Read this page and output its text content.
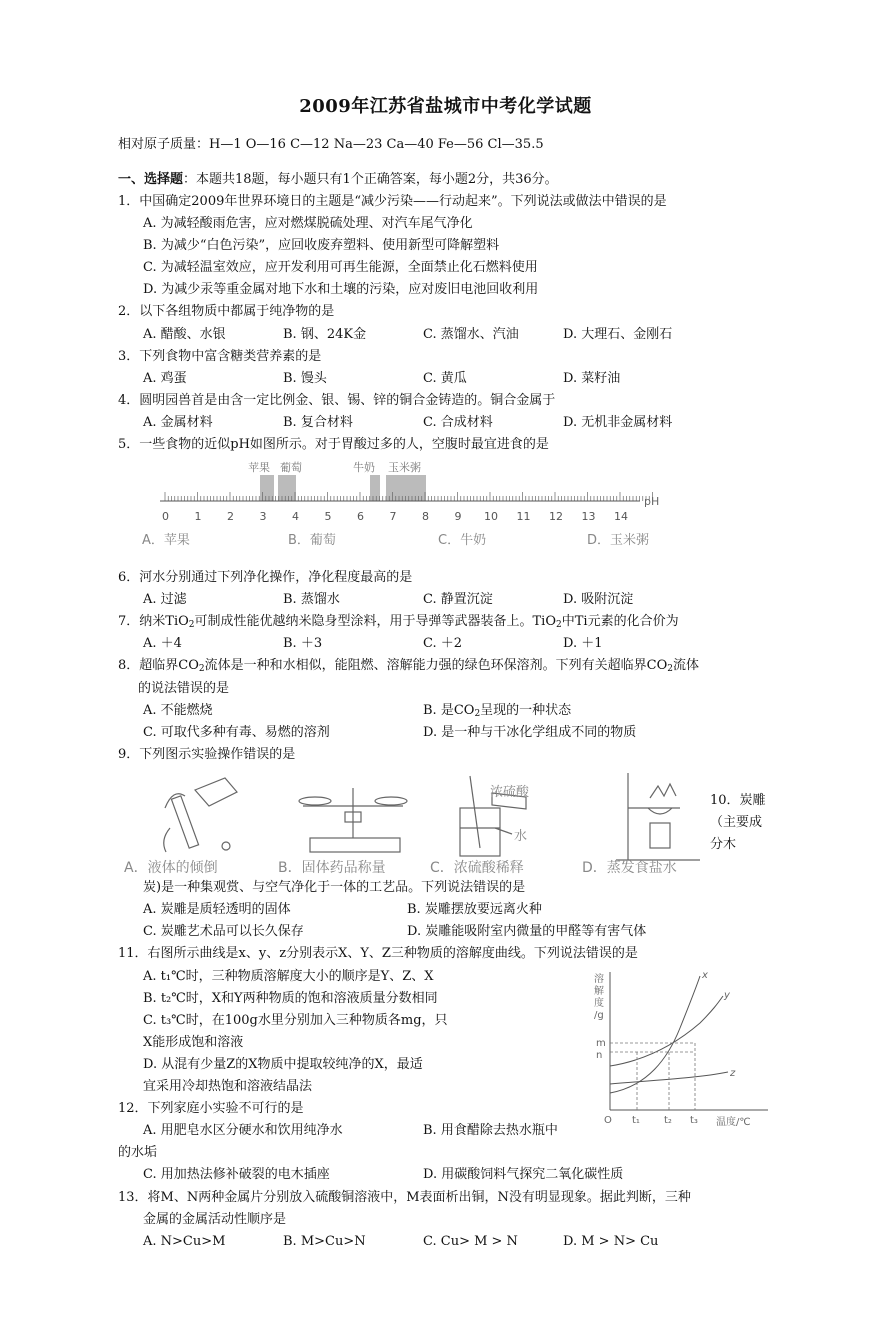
2009年江苏省盐城市中考化学试题
相对原子质量：H—1 O—16 C—12 Na—23 Ca—40 Fe—56 Cl—35.5
一、选择题：本题共18题，每小题只有1个正确答案，每小题2分，共36分。
1．中国确定2009年世界环境日的主题是“减少污染——行动起来”。下列说法或做法中错误的是
A. 为减轻酸雨危害，应对燃煤脱硫处理、对汽车尾气净化
B. 为减少“白色污染”，应回收废弃塑料、使用新型可降解塑料
C. 为减轻温室效应，应开发利用可再生能源，全面禁止化石燃料使用
D. 为减少汞等重金属对地下水和土壤的污染，应对废旧电池回收利用
2．以下各组物质中都属于纯净物的是
A. 醋酸、水银	B. 钢、24K金	C. 蒸馏水、汽油	D. 大理石、金刚石
3．下列食物中富含糖类营养素的是
A. 鸡蛋	B. 馒头	C. 黄瓜	D. 菜籽油
4．圆明园兽首是由含一定比例金、银、锡、锌的铜合金铸造的。铜合金属于
A. 金属材料	B. 复合材料	C. 合成材料	D. 无机非金属材料
5．一些食物的近似pH如图所示。对于胃酸过多的人，空腹时最宜进食的是
苹果 葡萄	牛奶 玉米粥
0 1 2 3 4 5 6 7 8 9 10 11 12 13 14
pH
A．苹果	B．葡萄	C．牛奶	D．玉米粥
6．河水分别通过下列净化操作，净化程度最高的是
A. 过滤	B. 蒸馏水	C. 静置沉淀	D. 吸附沉淀
7．纳米TiO$_2$可制成性能优越纳米隐身型涂料，用于导弹等武器装备上。TiO$_2$中Ti元素的化合价为
A. ＋4	B. ＋3	C. ＋2	D. ＋1
8．超临界$CO_2$流体是一种和水相似，能阻燃、溶解能力强的绿色环保溶剂。下列有关超临界$CO_2$流体
的说法错误的是
A. 不能燃烧	B. 是$CO_2$呈现的一种状态
C. 可取代多种有毒、易燃的溶剂	D. 是一种与干冰化学组成不同的物质
9．下列图示实验操作错误的是
浓硫酸
水
A．液体的倾倒	B．固体药品称量	C．浓硫酸稀释	D．蒸发食盐水
10．炭雕（主要成分木
炭)是一种集观赏、与空气净化于一体的工艺品。下列说法错误的是
A. 炭雕是质轻透明的固体	B. 炭雕摆放要远离火种
C. 炭雕艺术品可以长久保存	D. 炭雕能吸附室内微量的甲醛等有害气体
11．右图所示曲线是x、y、z分别表示X、Y、Z三种物质的溶解度曲线。下列说法错误的是
A. t₁℃时，三种物质溶解度大小的顺序是Y、Z、X
B. t₂℃时，X和Y两种物质的饱和溶液质量分数相同
C. t₃℃时，在100g水里分别加入三种物质各mg，只
X能形成饱和溶液
D. 从混有少量Z的X物质中提取较纯净的X，最适
宜采用冷却热饱和溶液结晶法
溶
解
度
/g
m
n
x
y
z
O t₁ t₂ t₃ 温度/℃
12．下列家庭小实验不可行的是
A. 用肥皂水区分硬水和饮用纯净水	B. 用食醋除去热水瓶中
的水垢
C. 用加热法修补破裂的电木插座	D. 用碳酸饲料气探究二氧化碳性质
13．将M、N两种金属片分别放入硫酸铜溶液中，M表面析出铜，N没有明显现象。据此判断，三种
金属的金属活动性顺序是
A. N>Cu>M	B. M>Cu>N	C. Cu> M > N	D. M > N> Cu
